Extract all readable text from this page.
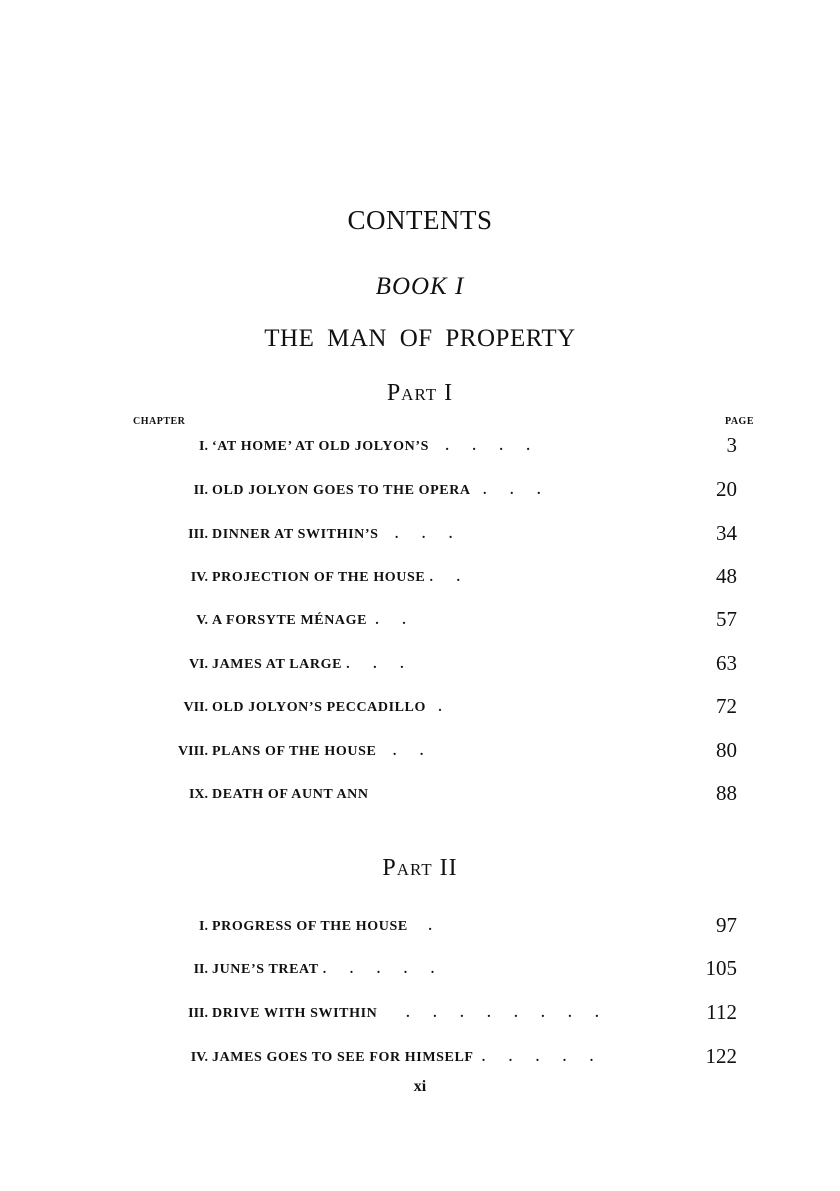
CONTENTS
BOOK I
THE MAN OF PROPERTY
Part I
CHAPTER	PAGE
I. ‘AT HOME’ AT OLD JOLYON’S . . . .	3
II. OLD JOLYON GOES TO THE OPERA . . .	20
III. DINNER AT SWITHIN’S . . .	34
IV. PROJECTION OF THE HOUSE . .	48
V. A FORSYTE MÉNAGE . .	57
VI. JAMES AT LARGE . . .	63
VII. OLD JOLYON’S PECCADILLO .	72
VIII. PLANS OF THE HOUSE . .	80
IX. DEATH OF AUNT ANN	88
Part II
I. PROGRESS OF THE HOUSE .	97
II. JUNE’S TREAT . . . . .	105
III. DRIVE WITH SWITHIN . . . . . . . .	112
IV. JAMES GOES TO SEE FOR HIMSELF . . . . .	122
xi
